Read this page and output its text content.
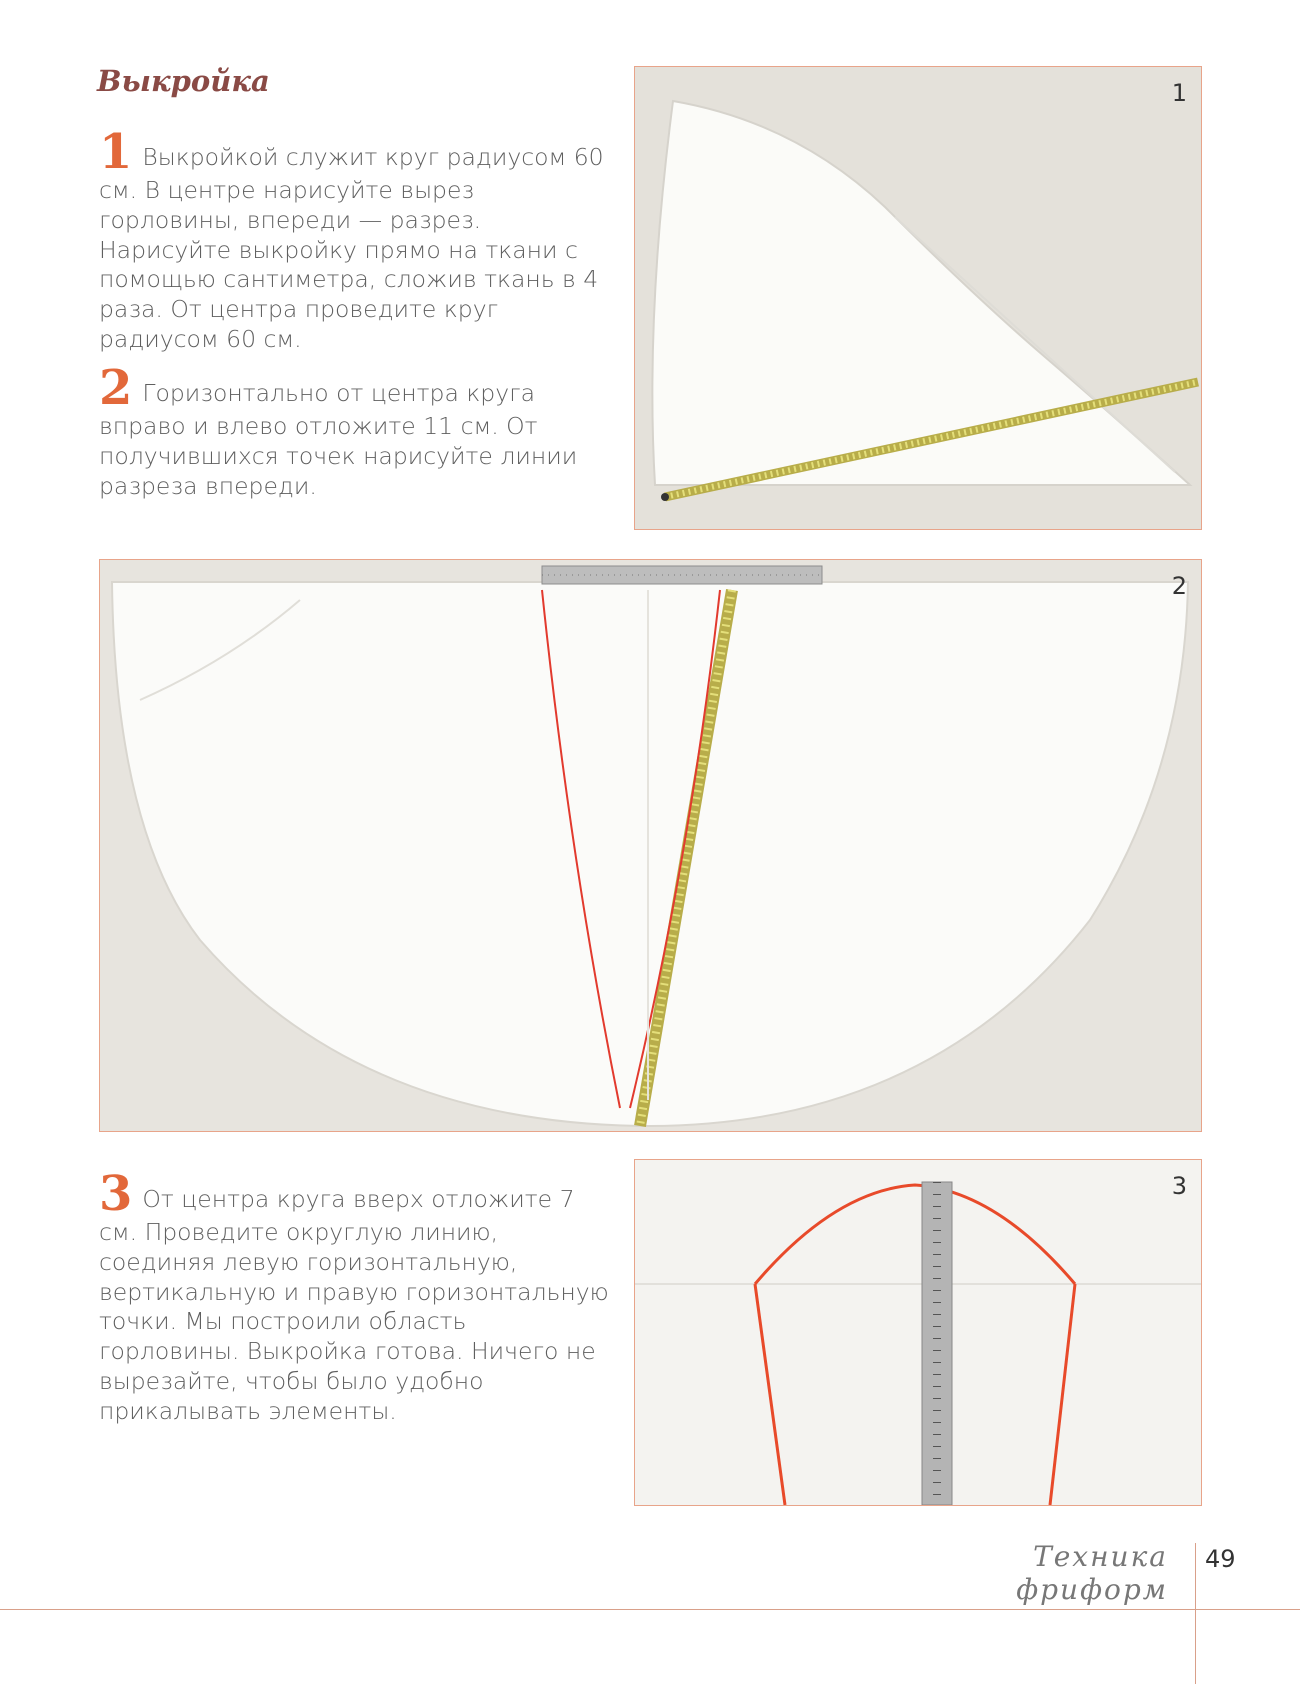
Выкройка

1 Выкройкой служит круг радиусом 60 см. В центре нарисуйте вырез горловины, впереди — разрез. Нарисуйте выкройку прямо на ткани с помощью сантиметра, сложив ткань в 4 раза. От центра проведите круг радиусом 60 см.

2 Горизонтально от центра круга вправо и влево отложите 11 см. От получившихся точек нарисуйте линии разреза впереди.

3 От центра круга вверх отложите 7 см. Проведите округлую линию, соединяя левую горизонтальную, вертикальную и правую горизонтальную точки. Мы построили область горловины. Выкройка готова. Ничего не вырезайте, чтобы было удобно прикалывать элементы.

1
2
3
Техника фриформ
49
